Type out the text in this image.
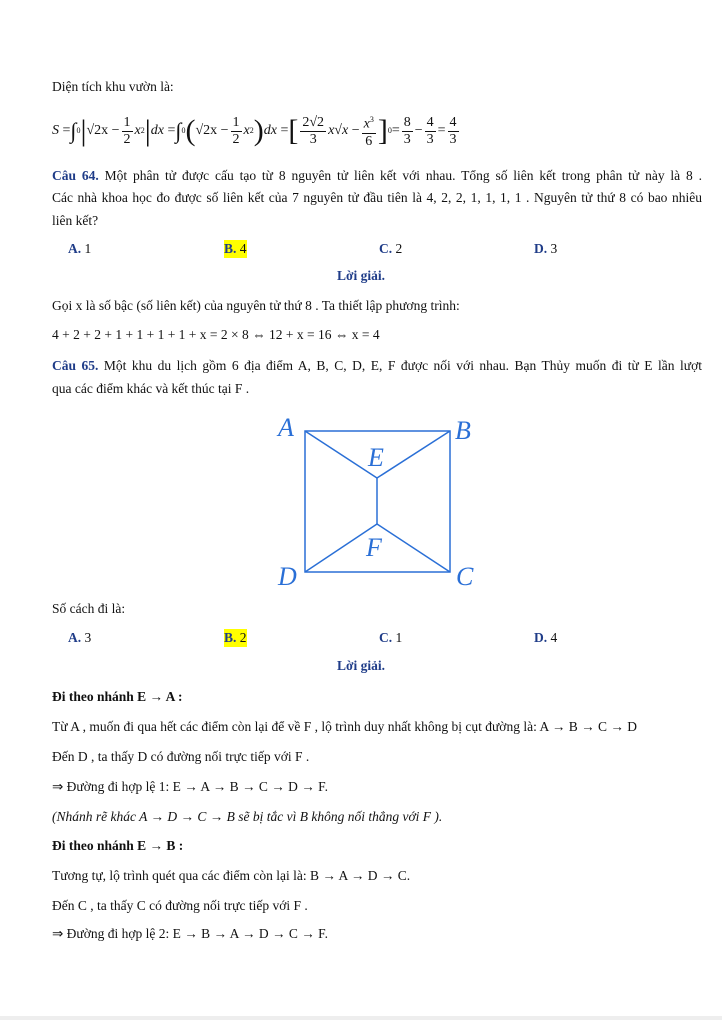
Diện tích khu vườn là:
S
= ∫ 0 | √2x
− $\frac{1}{2}$ x 2 | dx
= ∫ 0 ( √2x
− $\frac{1}{2}$ x 2 ) dx
= [ $\frac{2√2}{3} x√x$
− $\frac{x^3}{6}$ ] $0 = \frac{8}{3} - \frac{4}{3} = \frac{4}{3}$
Câu 64. Một phân tử được cấu tạo từ 8 nguyên tử liên kết với nhau. Tổng số liên kết trong phân tử này là 8 .
Các nhà khoa học đo được số liên kết của 7 nguyên tử đầu tiên là 4, 2, 2, 1, 1, 1, 1 . Nguyên tử thứ 8 có bao nhiêu
liên kết?
A. 1	B. 4	C. 2	D. 3
Lời giải.
Gọi x là số bậc (số liên kết) của nguyên tử thứ 8 . Ta thiết lập phương trình:
4 + 2 + 2 + 1 + 1 + 1 + 1 + x = 2 × 8 ⇔ 12 + x = 16 ⇔ x = 4
Câu 65. Một khu du lịch gồm 6 địa điểm A, B, C, D, E, F được nối với nhau. Bạn Thủy muốn đi từ E lần lượt
qua các điểm khác và kết thúc tại F .
A	B
E
F
D	C
Số cách đi là:
A. 3	B. 2	C. 1	D. 4
Lời giải.
Đi theo nhánh E → A :
Từ A , muốn đi qua hết các điểm còn lại để về F , lộ trình duy nhất không bị cụt đường là: A → B → C → D
Đến D , ta thấy D có đường nối trực tiếp với F .
⇒ Đường đi hợp lệ 1: E → A → B → C → D → F.
(Nhánh rẽ khác A → D → C → B sẽ bị tắc vì B không nối thẳng với F ).
Đi theo nhánh E → B :
Tương tự, lộ trình quét qua các điểm còn lại là: B → A → D → C.
Đến C , ta thấy C có đường nối trực tiếp với F .
⇒ Đường đi hợp lệ 2: E → B → A → D → C → F.
